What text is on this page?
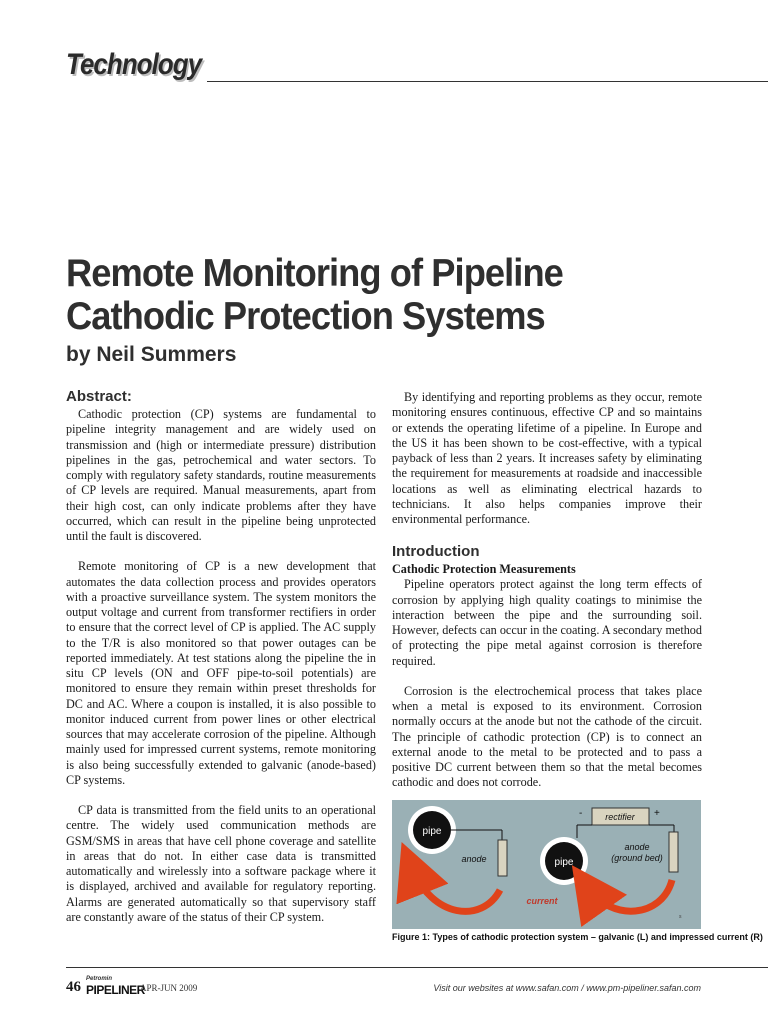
Technology
Remote Monitoring of Pipeline Cathodic Protection Systems
by Neil Summers
Abstract:

Cathodic protection (CP) systems are fundamental to pipeline integrity management and are widely used on transmission and (high or intermediate pressure) distribution pipelines in the gas, petrochemical and water sectors. To comply with regulatory safety standards, routine measurements of CP levels are required. Manual measurements, apart from their high cost, can only indicate problems after they have occurred, which can result in the pipeline being unprotected until the fault is discovered.

Remote monitoring of CP is a new development that automates the data collection process and provides operators with a proactive surveillance system. The system monitors the output voltage and current from transformer rectifiers in order to ensure that the correct level of CP is applied. The AC supply to the T/R is also monitored so that power outages can be reported immediately. At test stations along the pipeline the in situ CP levels (ON and OFF pipe-to-soil potentials) are monitored to ensure they remain within preset thresholds for DC and AC. Where a coupon is installed, it is also possible to monitor induced current from power lines or other electrical sources that may accelerate corrosion of the pipeline. Although mainly used for impressed current systems, remote monitoring is also being successfully extended to galvanic (anode-based) CP systems.

CP data is transmitted from the field units to an operational centre. The widely used communication methods are GSM/SMS in areas that have cell phone coverage and satellite in areas that do not. In either case data is transmitted automatically and wirelessly into a software package where it is displayed, archived and available for regulatory reporting. Alarms are generated automatically so that supervisory staff are constantly aware of the status of their CP system.

By identifying and reporting problems as they occur, remote monitoring ensures continuous, effective CP and so maintains or extends the operating lifetime of a pipeline. In Europe and the US it has been shown to be cost-effective, with a typical payback of less than 2 years. It increases safety by eliminating the requirement for measurements at roadside and inaccessible locations as well as eliminating electrical hazards to technicians. It also helps companies improve their environmental performance.

Introduction
Cathodic Protection Measurements

Pipeline operators protect against the long term effects of corrosion by applying high quality coatings to minimise the interaction between the pipe and the surrounding soil. However, defects can occur in the coating. A secondary method of protecting the pipe metal against corrosion is therefore required.

Corrosion is the electrochemical process that takes place when a metal is exposed to its environment. Corrosion normally occurs at the anode but not the cathode of the circuit. The principle of cathodic protection (CP) is to connect an external anode to the metal to be protected and to pass a positive DC current between them so that the metal becomes cathodic and does not corrode.

pipe
anode
rectifier
-	+
anode
(ground bed)
pipe
current
s
Figure 1: Types of cathodic protection system – galvanic (L) and impressed current (R)
46 Petromin
PIPELINER
APR-JUN 2009	Visit our websites at www.safan.com / www.pm-pipeliner.safan.com
